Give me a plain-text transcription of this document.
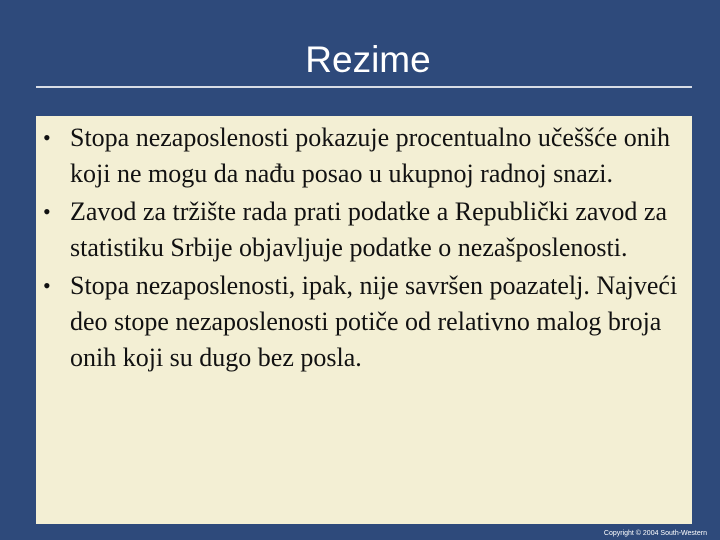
Rezime
• Stopa nezaposlenosti pokazuje procentualno učeššće onih koji ne mogu da nađu posao u ukupnoj radnoj snazi.
• Zavod za tržište rada prati podatke a Republički zavod za statistiku Srbije objavljuje podatke o nezašposlenosti.
• Stopa nezaposlenosti, ipak, nije savršen poazatelj. Najveći deo stope nezaposlenosti potiče od relativno malog broja onih koji su dugo bez posla.
Copyright © 2004 South-Western
